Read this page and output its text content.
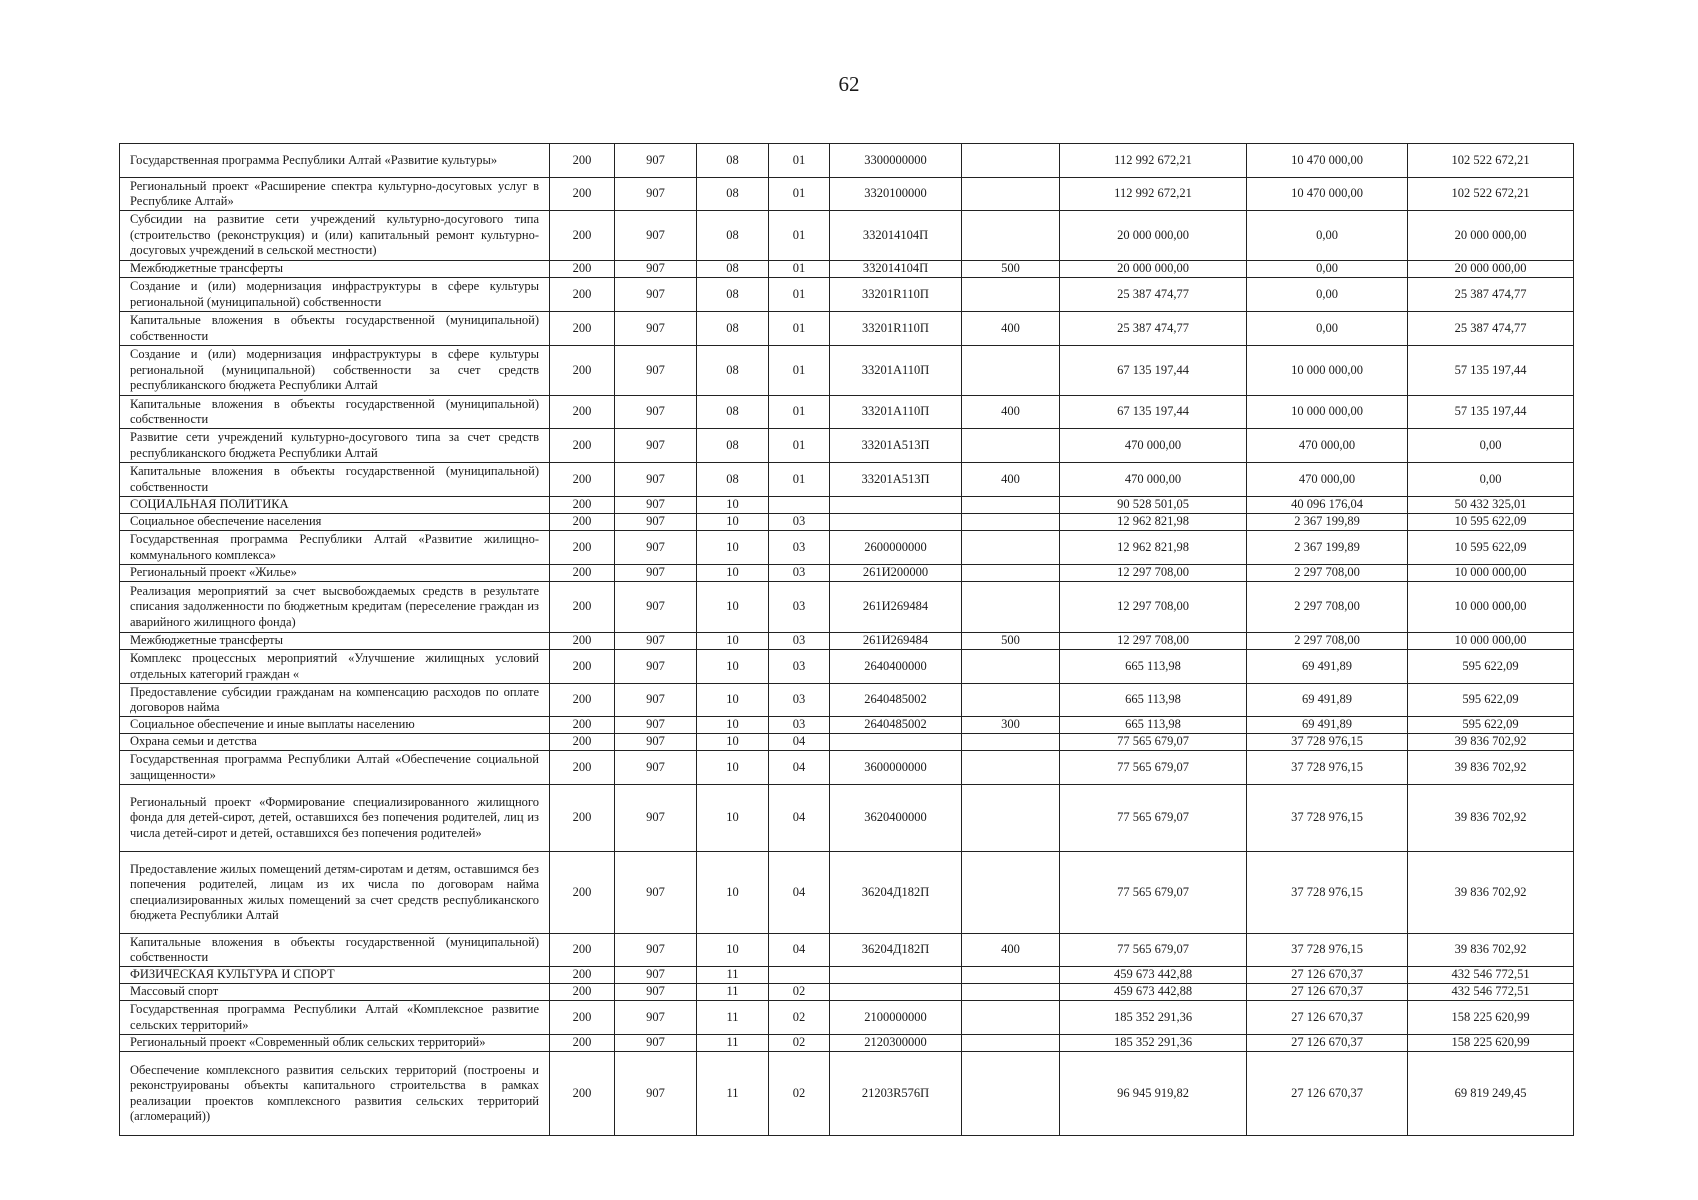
62
Государственная программа Республики Алтай «Развитие культуры»	200	907	08	01	3300000000		112 992 672,21	10 470 000,00	102 522 672,21
Региональный проект «Расширение спектра культурно-досуговых услуг в Республике Алтай»	200	907	08	01	3320100000		112 992 672,21	10 470 000,00	102 522 672,21
Субсидии на развитие сети учреждений культурно-досугового типа (строительство (реконструкция) и (или) капитальный ремонт культурно-досуговых учреждений в сельской местности)	200	907	08	01	332014104П		20 000 000,00	0,00	20 000 000,00
Межбюджетные трансферты	200	907	08	01	332014104П	500	20 000 000,00	0,00	20 000 000,00
Создание и (или) модернизация инфраструктуры в сфере культуры региональной (муниципальной) собственности	200	907	08	01	33201R110П		25 387 474,77	0,00	25 387 474,77
Капитальные вложения в объекты государственной (муниципальной) собственности	200	907	08	01	33201R110П	400	25 387 474,77	0,00	25 387 474,77
Создание и (или) модернизация инфраструктуры в сфере культуры региональной (муниципальной) собственности за счет средств республиканского бюджета Республики Алтай	200	907	08	01	33201A110П		67 135 197,44	10 000 000,00	57 135 197,44
Капитальные вложения в объекты государственной (муниципальной) собственности	200	907	08	01	33201A110П	400	67 135 197,44	10 000 000,00	57 135 197,44
Развитие сети учреждений культурно-досугового типа за счет средств республиканского бюджета Республики Алтай	200	907	08	01	33201A513П		470 000,00	470 000,00	0,00
Капитальные вложения в объекты государственной (муниципальной) собственности	200	907	08	01	33201A513П	400	470 000,00	470 000,00	0,00
СОЦИАЛЬНАЯ ПОЛИТИКА	200	907	10				90 528 501,05	40 096 176,04	50 432 325,01
Социальное обеспечение населения	200	907	10	03			12 962 821,98	2 367 199,89	10 595 622,09
Государственная программа Республики Алтай «Развитие жилищно-коммунального комплекса»	200	907	10	03	2600000000		12 962 821,98	2 367 199,89	10 595 622,09
Региональный проект «Жилье»	200	907	10	03	261И200000		12 297 708,00	2 297 708,00	10 000 000,00
Реализация мероприятий за счет высвобождаемых средств в результате списания задолженности по бюджетным кредитам (переселение граждан из аварийного жилищного фонда)	200	907	10	03	261И269484		12 297 708,00	2 297 708,00	10 000 000,00
Межбюджетные трансферты	200	907	10	03	261И269484	500	12 297 708,00	2 297 708,00	10 000 000,00
Комплекс процессных мероприятий «Улучшение жилищных условий отдельных категорий граждан «	200	907	10	03	2640400000		665 113,98	69 491,89	595 622,09
Предоставление субсидии гражданам на компенсацию расходов по оплате договоров найма	200	907	10	03	2640485002		665 113,98	69 491,89	595 622,09
Социальное обеспечение и иные выплаты населению	200	907	10	03	2640485002	300	665 113,98	69 491,89	595 622,09
Охрана семьи и детства	200	907	10	04			77 565 679,07	37 728 976,15	39 836 702,92
Государственная программа Республики Алтай «Обеспечение социальной защищенности»	200	907	10	04	3600000000		77 565 679,07	37 728 976,15	39 836 702,92
Региональный проект «Формирование специализированного жилищного фонда для детей-сирот, детей, оставшихся без попечения родителей, лиц из числа детей-сирот и детей, оставшихся без попечения родителей»	200	907	10	04	3620400000		77 565 679,07	37 728 976,15	39 836 702,92
Предоставление жилых помещений детям-сиротам и детям, оставшимся без попечения родителей, лицам из их числа по договорам найма специализированных жилых помещений за счет средств республиканского бюджета Республики Алтай	200	907	10	04	36204Д182П		77 565 679,07	37 728 976,15	39 836 702,92
Капитальные вложения в объекты государственной (муниципальной) собственности	200	907	10	04	36204Д182П	400	77 565 679,07	37 728 976,15	39 836 702,92
ФИЗИЧЕСКАЯ КУЛЬТУРА И СПОРТ	200	907	11				459 673 442,88	27 126 670,37	432 546 772,51
Массовый спорт	200	907	11	02			459 673 442,88	27 126 670,37	432 546 772,51
Государственная программа Республики Алтай «Комплексное развитие сельских территорий»	200	907	11	02	2100000000		185 352 291,36	27 126 670,37	158 225 620,99
Региональный проект «Современный облик сельских территорий»	200	907	11	02	2120300000		185 352 291,36	27 126 670,37	158 225 620,99
Обеспечение комплексного развития сельских территорий (построены и реконструированы объекты капитального строительства в рамках реализации проектов комплексного развития сельских территорий (агломераций))	200	907	11	02	21203R576П		96 945 919,82	27 126 670,37	69 819 249,45
